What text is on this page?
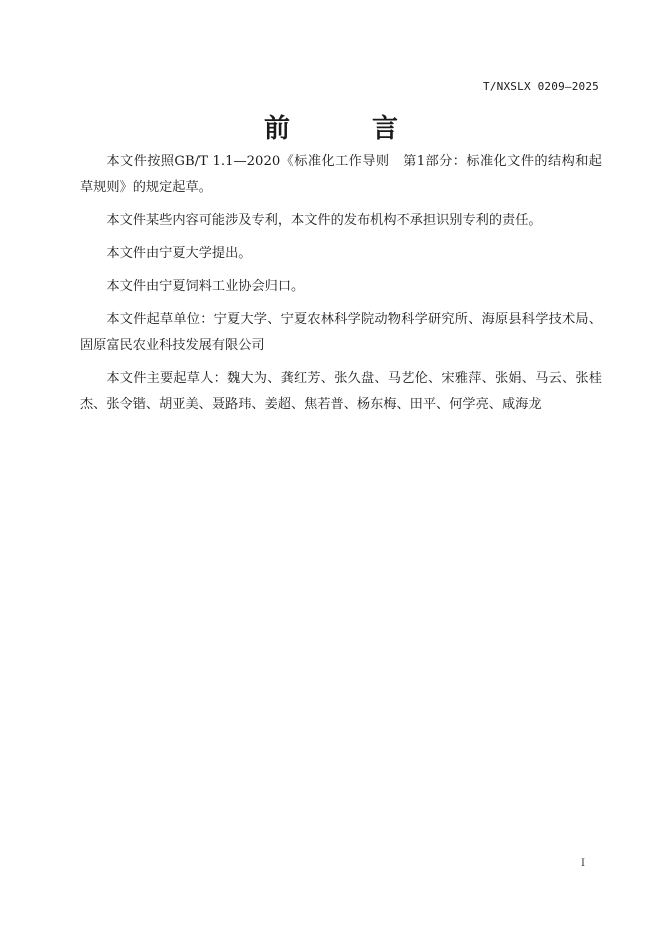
T/NXSLX 0209—2025
前　言

本文件按照GB/T 1.1—2020《标准化工作导则　第1部分：标准化文件的结构和起草规则》的规定起草。

本文件某些内容可能涉及专利，本文件的发布机构不承担识别专利的责任。

本文件由宁夏大学提出。

本文件由宁夏饲料工业协会归口。

本文件起草单位：宁夏大学、宁夏农林科学院动物科学研究所、海原县科学技术局、固原富民农业科技发展有限公司

本文件主要起草人：魏大为、龚红芳、张久盘、马艺伦、宋雅萍、张娟、马云、张桂杰、张令锴、胡亚美、聂路玮、姜超、焦若普、杨东梅、田平、何学亮、咸海龙

I
